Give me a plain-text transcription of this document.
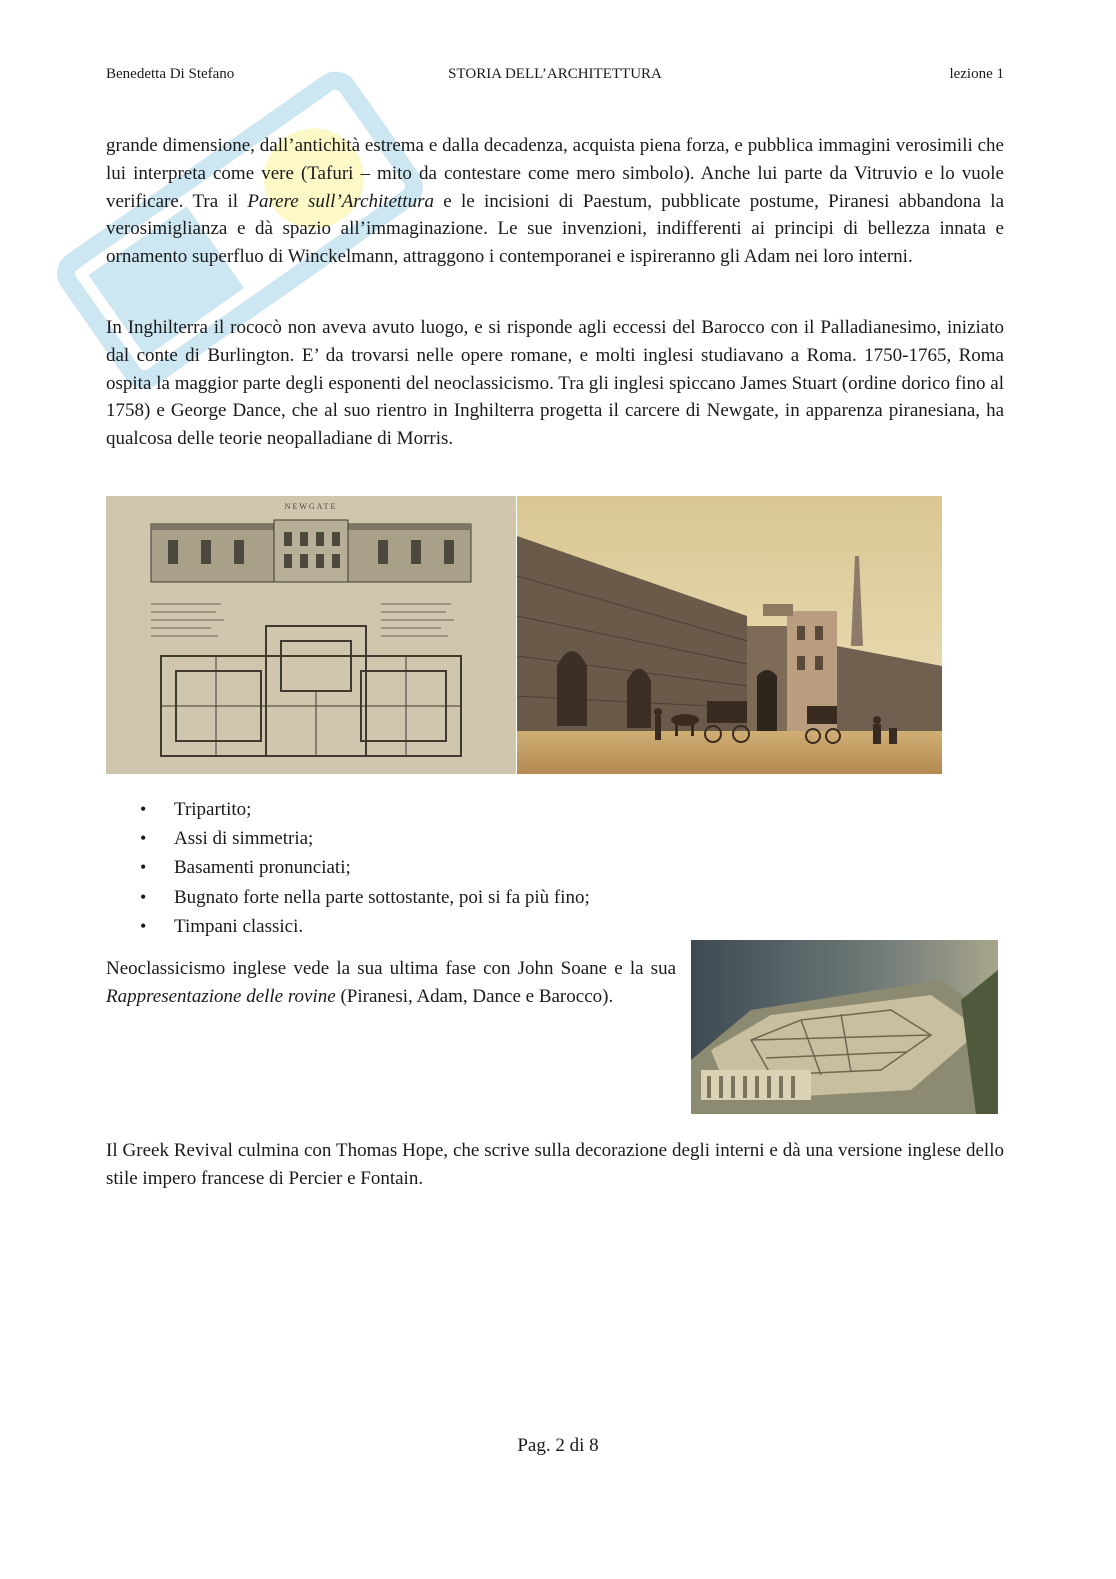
STORIA DELL’ARCHITETTURA
Benedetta Di Stefano	lezione 1

grande dimensione, dall’antichità estrema e dalla decadenza, acquista piena forza, e pubblica immagini verosimili che lui interpreta come vere (Tafuri – mito da contestare come mero simbolo). Anche lui parte da Vitruvio e lo vuole verificare. Tra il Parere sull’Architettura e le incisioni di Paestum, pubblicate postume, Piranesi abbandona la verosimiglianza e dà spazio all’immaginazione. Le sue invenzioni, indifferenti ai principi di bellezza innata e ornamento superfluo di Winckelmann, attraggono i contemporanei e ispireranno gli Adam nei loro interni.

In Inghilterra il rococò non aveva avuto luogo, e si risponde agli eccessi del Barocco con il Palladianesimo, iniziato dal conte di Burlington. E’ da trovarsi nelle opere romane, e molti inglesi studiavano a Roma. 1750-1765, Roma ospita la maggior parte degli esponenti del neoclassicismo. Tra gli inglesi spiccano James Stuart (ordine dorico fino al 1758) e George Dance, che al suo rientro in Inghilterra progetta il carcere di Newgate, in apparenza piranesiana, ha qualcosa delle teorie neopalladiane di Morris.

NEWGATE
• Tripartito;
• Assi di simmetria;
• Basamenti pronunciati;
• Bugnato forte nella parte sottostante, poi si fa più fino;
• Timpani classici.

Neoclassicismo inglese vede la sua ultima fase con John Soane e la sua Rappresentazione delle rovine (Piranesi, Adam, Dance e Barocco).

Il Greek Revival culmina con Thomas Hope, che scrive sulla decorazione degli interni e dà una versione inglese dello stile impero francese di Percier e Fontain.

Pag. 2 di 8
